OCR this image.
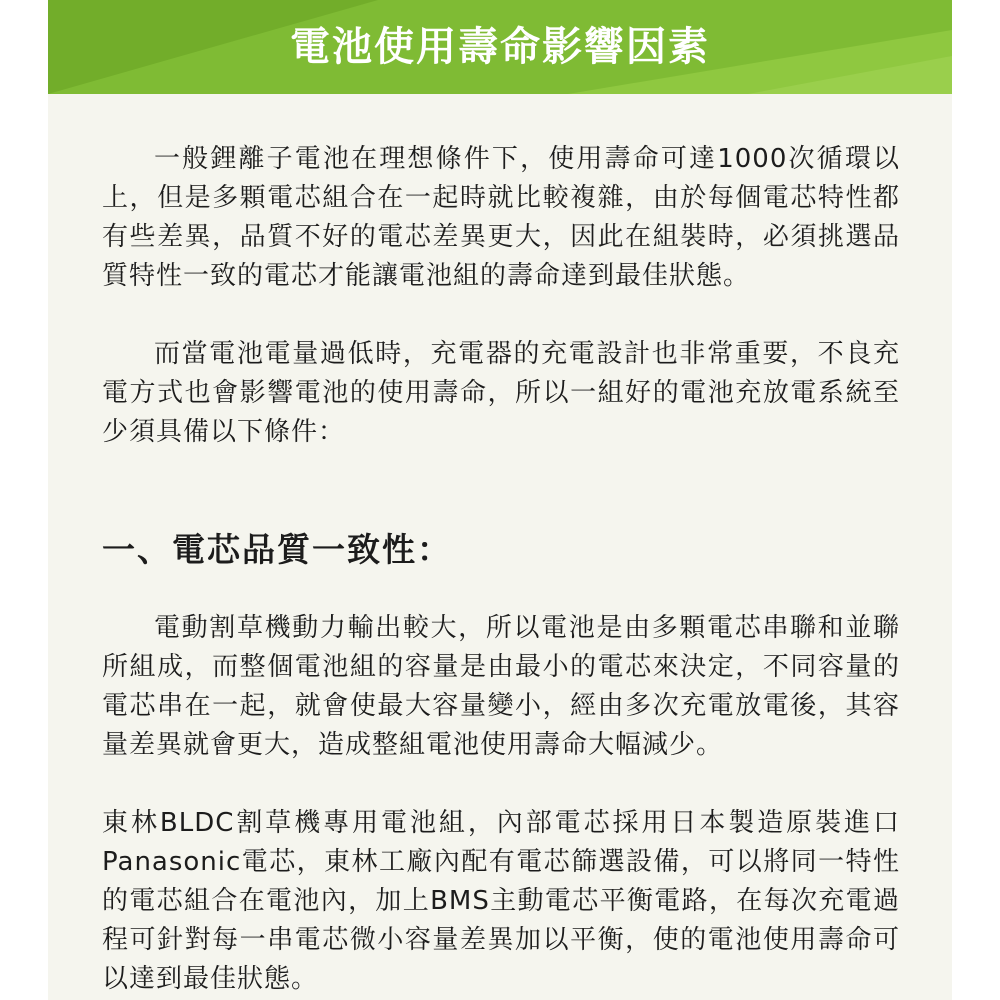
電池使用壽命影響因素

一般鋰離子電池在理想條件下，使用壽命可達1000次循環以上，但是多顆電芯組合在一起時就比較複雜，由於每個電芯特性都有些差異，品質不好的電芯差異更大，因此在組裝時，必須挑選品質特性一致的電芯才能讓電池組的壽命達到最佳狀態。

而當電池電量過低時，充電器的充電設計也非常重要，不良充電方式也會影響電池的使用壽命，所以一組好的電池充放電系統至少須具備以下條件：

一、電芯品質一致性：

電動割草機動力輸出較大，所以電池是由多顆電芯串聯和並聯所組成，而整個電池組的容量是由最小的電芯來決定，不同容量的電芯串在一起，就會使最大容量變小，經由多次充電放電後，其容量差異就會更大，造成整組電池使用壽命大幅減少。

東林BLDC割草機專用電池組，內部電芯採用日本製造原裝進口Panasonic電芯，東林工廠內配有電芯篩選設備，可以將同一特性的電芯組合在電池內，加上BMS主動電芯平衡電路，在每次充電過程可針對每一串電芯微小容量差異加以平衡，使的電池使用壽命可以達到最佳狀態。
